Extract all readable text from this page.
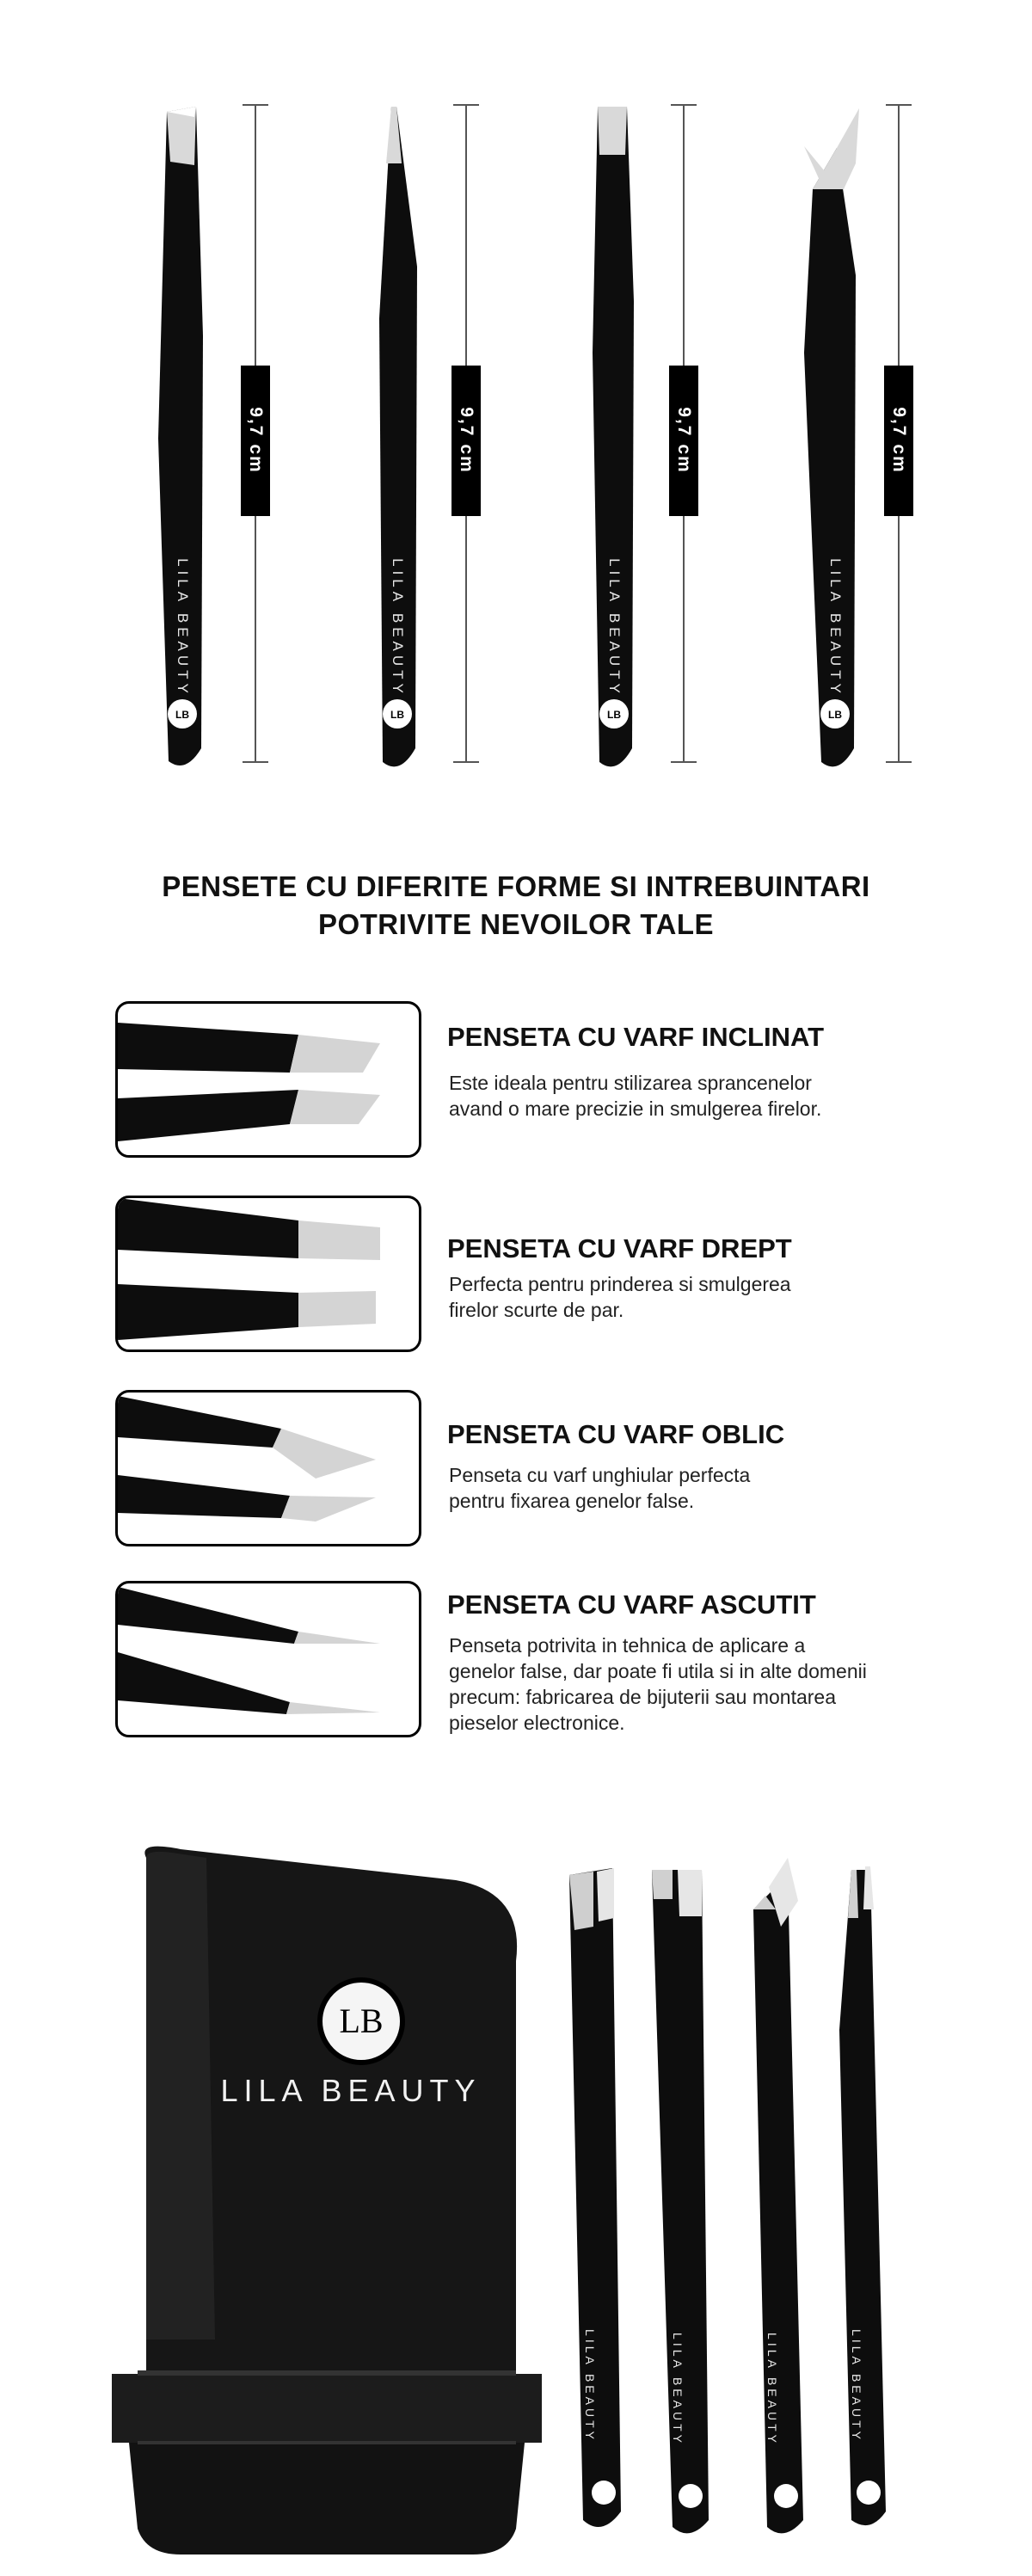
9,7 cm
LILA BEAUTY
LB
9,7 cm
LILA BEAUTY
LB
9,7 cm
LILA BEAUTY
LB
9,7 cm
LILA BEAUTY
LB
PENSETE CU DIFERITE FORME SI INTREBUINTARI
POTRIVITE NEVOILOR TALE
PENSETA CU VARF INCLINAT
Este ideala pentru stilizarea sprancenelor
avand o mare precizie in smulgerea firelor.
PENSETA CU VARF DREPT
Perfecta pentru prinderea si smulgerea
firelor scurte de par.
PENSETA CU VARF OBLIC
Penseta cu varf unghiular perfecta
pentru fixarea genelor false.
PENSETA CU VARF ASCUTIT
Penseta potrivita in tehnica de aplicare a
genelor false, dar poate fi utila si in alte domenii
precum: fabricarea de bijuterii sau montarea
pieselor electronice.
LB
LILA BEAUTY
LILA BEAUTY	LILA BEAUTY	LILA BEAUTY	LILA BEAUTY
